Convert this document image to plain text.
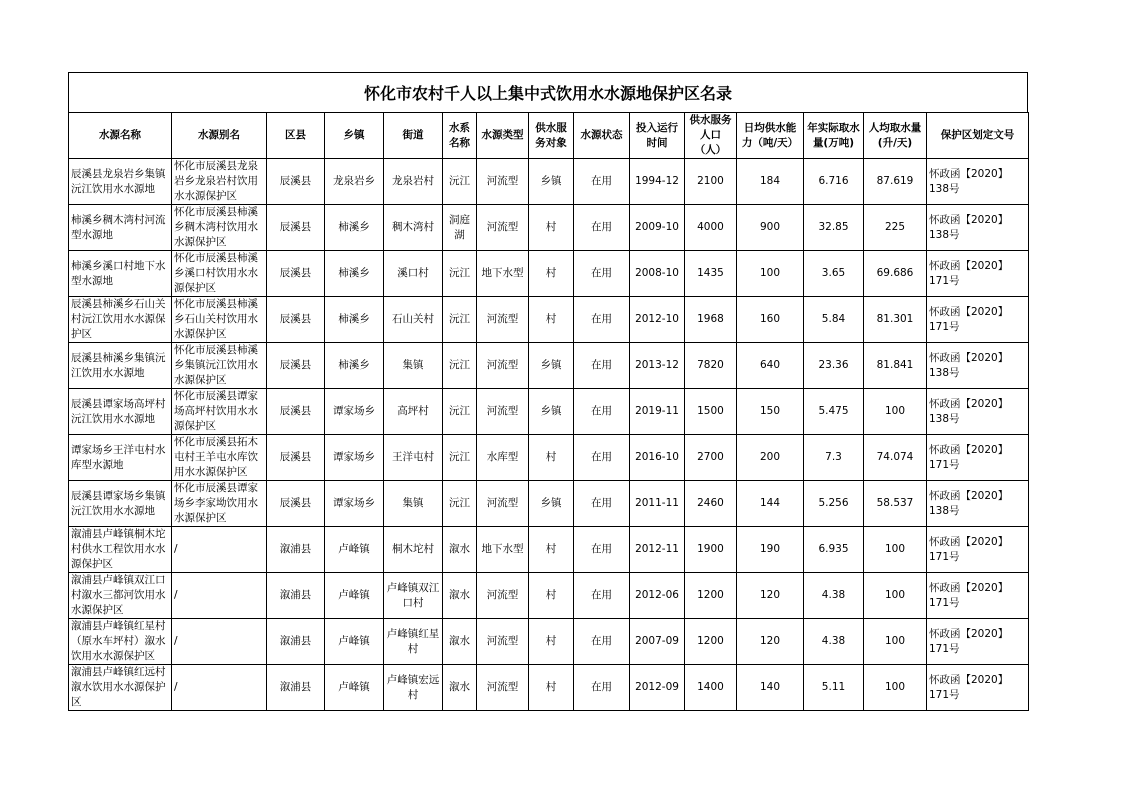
怀化市农村千人以上集中式饮用水水源地保护区名录
水源名称	水源别名	区县	乡镇	街道	水系名称	水源类型	供水服务对象	水源状态	投入运行时间	供水服务人口（人）	日均供水能力（吨/天）	年实际取水量(万吨)	人均取水量(升/天)	保护区划定文号
辰溪县龙泉岩乡集镇沅江饮用水水源地	怀化市辰溪县龙泉岩乡龙泉岩村饮用水水源保护区	辰溪县	龙泉岩乡	龙泉岩村	沅江	河流型	乡镇	在用	1994-12	2100	184	6.716	87.619	怀政函【2020】138号
柿溪乡稠木湾村河流型水源地	怀化市辰溪县柿溪乡稠木湾村饮用水水源保护区	辰溪县	柿溪乡	稠木湾村	洞庭湖	河流型	村	在用	2009-10	4000	900	32.85	225	怀政函【2020】138号
柿溪乡溪口村地下水型水源地	怀化市辰溪县柿溪乡溪口村饮用水水源保护区	辰溪县	柿溪乡	溪口村	沅江	地下水型	村	在用	2008-10	1435	100	3.65	69.686	怀政函【2020】171号
辰溪县柿溪乡石山关村沅江饮用水水源保护区	怀化市辰溪县柿溪乡石山关村饮用水水源保护区	辰溪县	柿溪乡	石山关村	沅江	河流型	村	在用	2012-10	1968	160	5.84	81.301	怀政函【2020】171号
辰溪县柿溪乡集镇沅江饮用水水源地	怀化市辰溪县柿溪乡集镇沅江饮用水水源保护区	辰溪县	柿溪乡	集镇	沅江	河流型	乡镇	在用	2013-12	7820	640	23.36	81.841	怀政函【2020】138号
辰溪县谭家场高坪村沅江饮用水水源地	怀化市辰溪县谭家场高坪村饮用水水源保护区	辰溪县	谭家场乡	高坪村	沅江	河流型	乡镇	在用	2019-11	1500	150	5.475	100	怀政函【2020】138号
谭家场乡王洋屯村水库型水源地	怀化市辰溪县拓木屯村王羊屯水库饮用水水源保护区	辰溪县	谭家场乡	王洋屯村	沅江	水库型	村	在用	2016-10	2700	200	7.3	74.074	怀政函【2020】171号
辰溪县谭家场乡集镇沅江饮用水水源地	怀化市辰溪县谭家场乡李家坳饮用水水源保护区	辰溪县	谭家场乡	集镇	沅江	河流型	乡镇	在用	2011-11	2460	144	5.256	58.537	怀政函【2020】138号
溆浦县卢峰镇桐木坨村供水工程饮用水水源保护区	/	溆浦县	卢峰镇	桐木坨村	溆水	地下水型	村	在用	2012-11	1900	190	6.935	100	怀政函【2020】171号
溆浦县卢峰镇双江口村溆水三都河饮用水水源保护区	/	溆浦县	卢峰镇	卢峰镇双江口村	溆水	河流型	村	在用	2012-06	1200	120	4.38	100	怀政函【2020】171号
溆浦县卢峰镇红星村（原水车坪村）溆水饮用水水源保护区	/	溆浦县	卢峰镇	卢峰镇红星村	溆水	河流型	村	在用	2007-09	1200	120	4.38	100	怀政函【2020】171号
溆浦县卢峰镇红远村溆水饮用水水源保护区	/	溆浦县	卢峰镇	卢峰镇宏远村	溆水	河流型	村	在用	2012-09	1400	140	5.11	100	怀政函【2020】171号
